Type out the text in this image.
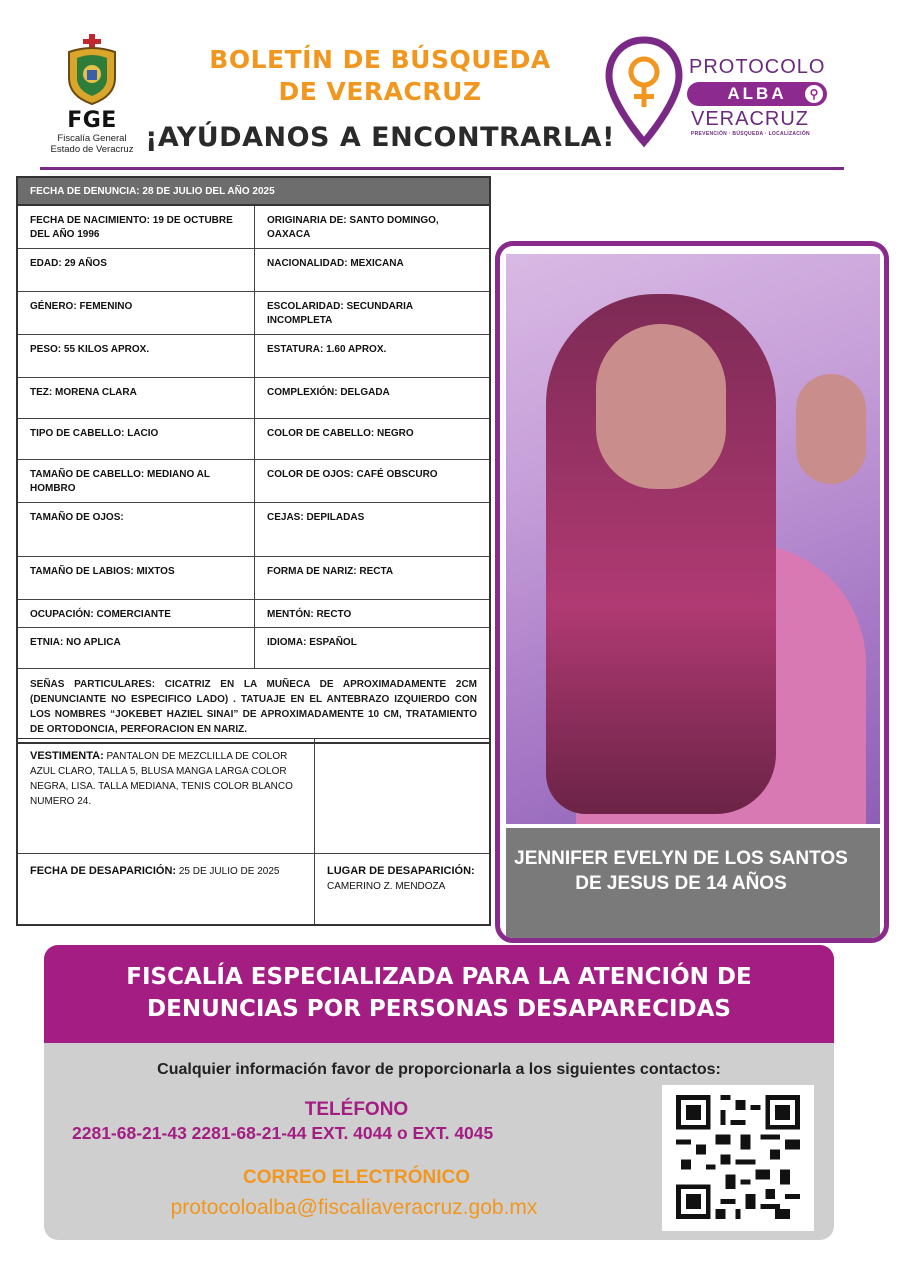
FGE
Fiscalía General
Estado de Veracruz
BOLETÍN DE BÚSQUEDA
DE VERACRUZ
¡AYÚDANOS A ENCONTRARLA!
PROTOCOLO
ALBA	⚲
VERACRUZ
PREVENCIÓN · BÚSQUEDA · LOCALIZACIÓN
FECHA DE DENUNCIA: 28 DE JULIO DEL AÑO 2025
FECHA DE NACIMIENTO: 19 DE OCTUBRE DEL AÑO 1996
ORIGINARIA DE: SANTO DOMINGO, OAXACA
EDAD: 29 AÑOS	NACIONALIDAD: MEXICANA
GÉNERO: FEMENINO	ESCOLARIDAD: SECUNDARIA INCOMPLETA
PESO: 55 KILOS APROX.	ESTATURA: 1.60 APROX.
TEZ: MORENA CLARA	COMPLEXIÓN: DELGADA
TIPO DE CABELLO: LACIO	COLOR DE CABELLO: NEGRO
TAMAÑO DE CABELLO: MEDIANO AL HOMBRO
COLOR DE OJOS: CAFÉ OBSCURO
TAMAÑO DE OJOS:	CEJAS: DEPILADAS
TAMAÑO DE LABIOS: MIXTOS	FORMA DE NARIZ: RECTA
OCUPACIÓN: COMERCIANTE	MENTÓN: RECTO
ETNIA: NO APLICA	IDIOMA: ESPAÑOL
SEÑAS PARTICULARES: CICATRIZ EN LA MUÑECA DE APROXIMADAMENTE 2CM (DENUNCIANTE NO ESPECIFICO LADO) . TATUAJE EN EL ANTEBRAZO IZQUIERDO CON LOS NOMBRES “JOKEBET HAZIEL SINAI” DE APROXIMADAMENTE 10 CM, TRATAMIENTO DE ORTODONCIA, PERFORACION EN NARIZ.
VESTIMENTA: PANTALON DE MEZCLILLA DE COLOR AZUL CLARO, TALLA 5, BLUSA MANGA LARGA COLOR NEGRA, LISA. TALLA MEDIANA, TENIS COLOR BLANCO NUMERO 24.
FECHA DE DESAPARICIÓN: 25 DE JULIO DE 2025	LUGAR DE DESAPARICIÓN:
CAMERINO Z. MENDOZA
JENNIFER EVELYN DE LOS SANTOS DE JESUS DE 14 AÑOS
FISCALÍA ESPECIALIZADA PARA LA ATENCIÓN DE
DENUNCIAS POR PERSONAS DESAPARECIDAS
Cualquier información favor de proporcionarla a los siguientes contactos:
TELÉFONO
2281-68-21-43 2281-68-21-44 EXT. 4044 o EXT. 4045
CORREO ELECTRÓNICO
protocoloalba@fiscaliaveracruz.gob.mx
